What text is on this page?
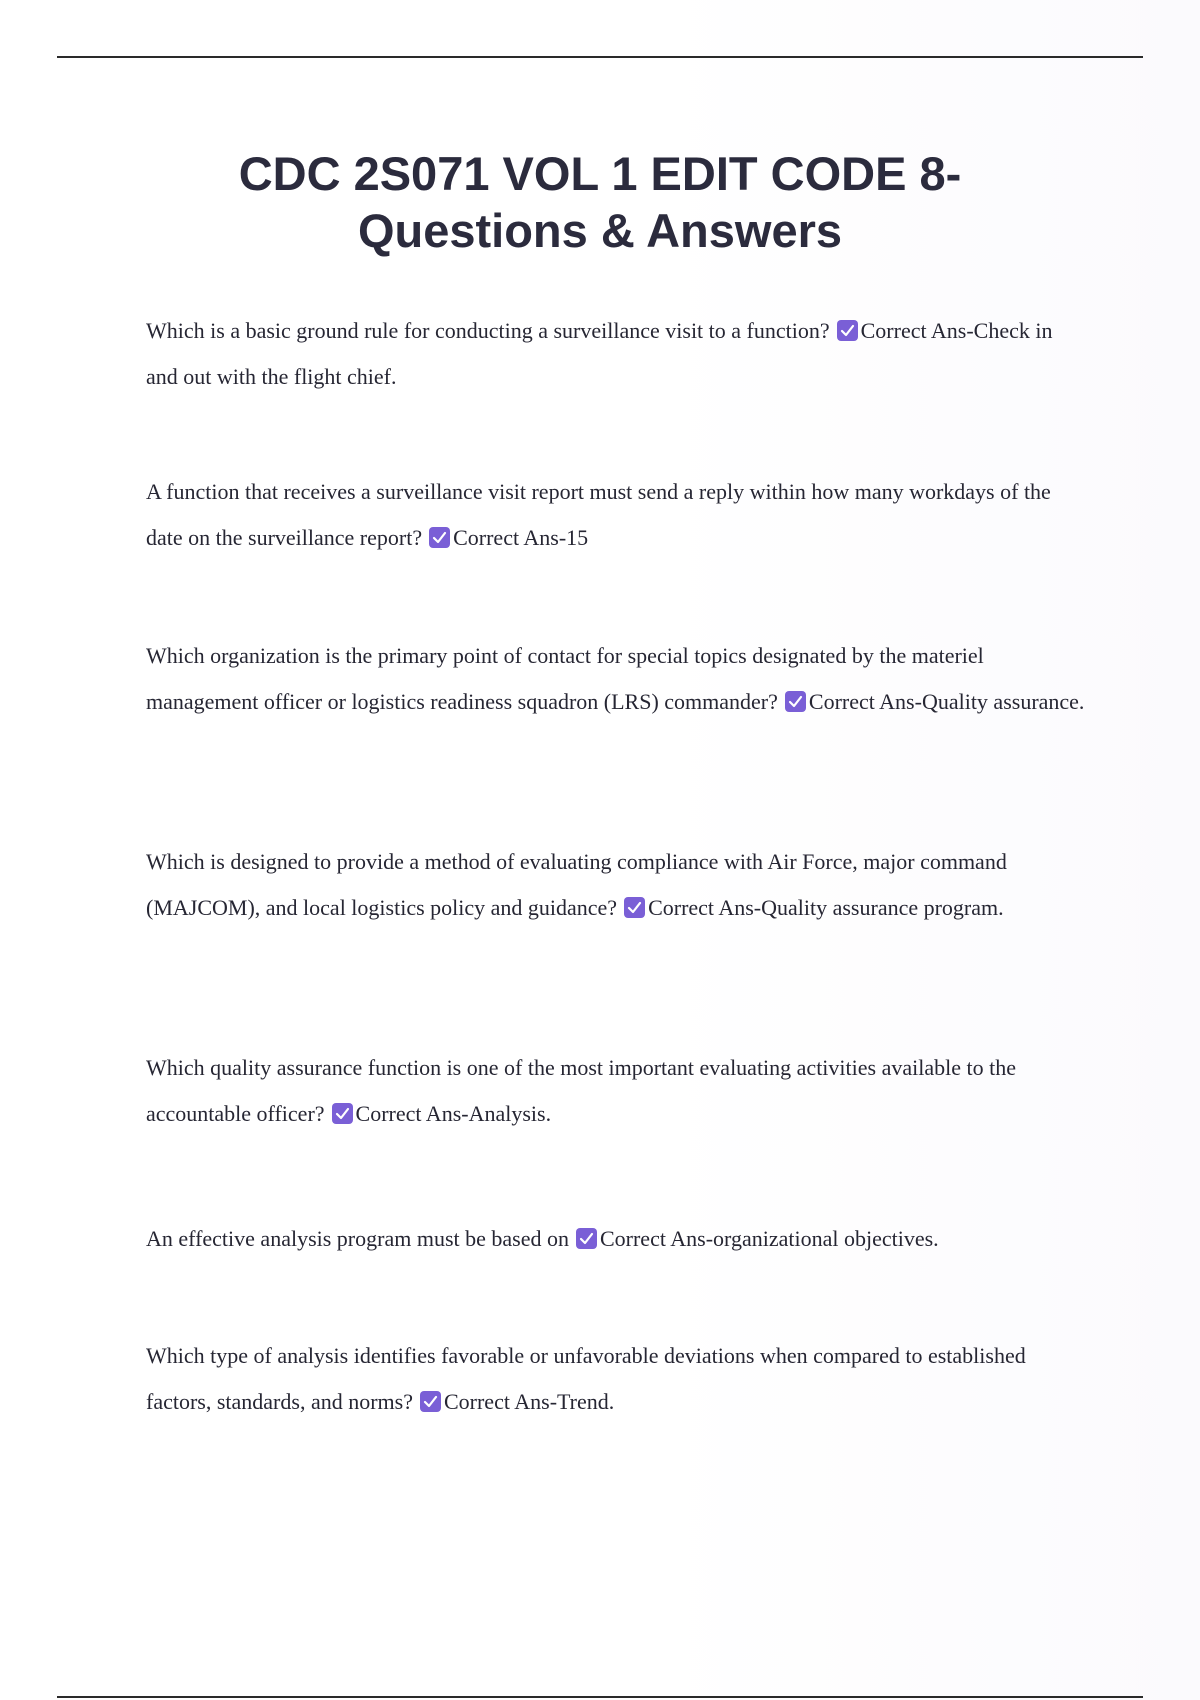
CDC 2S071 VOL 1 EDIT CODE 8-
Questions & Answers

Which is a basic ground rule for conducting a surveillance visit to a function? Correct Ans-Check in and out with the flight chief.

A function that receives a surveillance visit report must send a reply within how many workdays of the date on the surveillance report? Correct Ans-15

Which organization is the primary point of contact for special topics designated by the materiel management officer or logistics readiness squadron (LRS) commander? Correct Ans-Quality assurance.

Which is designed to provide a method of evaluating compliance with Air Force, major command (MAJCOM), and local logistics policy and guidance? Correct Ans-Quality assurance program.

Which quality assurance function is one of the most important evaluating activities available to the accountable officer? Correct Ans-Analysis.

An effective analysis program must be based on Correct Ans-organizational objectives.

Which type of analysis identifies favorable or unfavorable deviations when compared to established factors, standards, and norms? Correct Ans-Trend.
